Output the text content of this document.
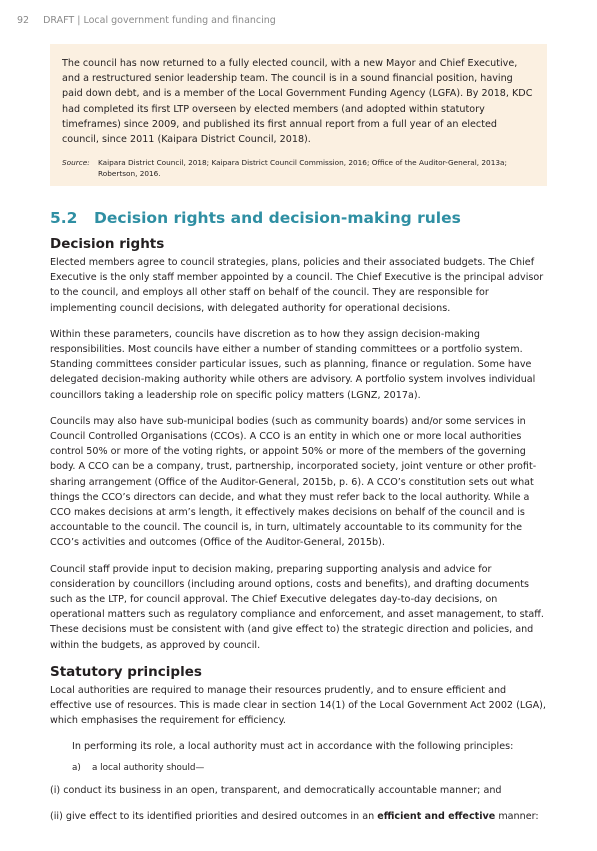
92 DRAFT | Local government funding and financing

The council has now returned to a fully elected council, with a new Mayor and Chief Executive, and a restructured senior leadership team. The council is in a sound financial position, having paid down debt, and is a member of the Local Government Funding Agency (LGFA). By 2018, KDC had completed its first LTP overseen by elected members (and adopted within statutory timeframes) since 2009, and published its first annual report from a full year of an elected council, since 2011 (Kaipara District Council, 2018).

Source: Kaipara District Council, 2018; Kaipara District Council Commission, 2016; Office of the Auditor-General, 2013a; Robertson, 2016.
5.2 Decision rights and decision-making rules
Decision rights

Elected members agree to council strategies, plans, policies and their associated budgets. The Chief Executive is the only staff member appointed by a council. The Chief Executive is the principal advisor to the council, and employs all other staff on behalf of the council. They are responsible for implementing council decisions, with delegated authority for operational decisions.

Within these parameters, councils have discretion as to how they assign decision-making responsibilities. Most councils have either a number of standing committees or a portfolio system. Standing committees consider particular issues, such as planning, finance or regulation. Some have delegated decision-making authority while others are advisory. A portfolio system involves individual councillors taking a leadership role on specific policy matters (LGNZ, 2017a).

Councils may also have sub-municipal bodies (such as community boards) and/or some services in Council Controlled Organisations (CCOs). A CCO is an entity in which one or more local authorities control 50% or more of the voting rights, or appoint 50% or more of the members of the governing body. A CCO can be a company, trust, partnership, incorporated society, joint venture or other profit-sharing arrangement (Office of the Auditor-General, 2015b, p. 6). A CCO’s constitution sets out what things the CCO’s directors can decide, and what they must refer back to the local authority. While a CCO makes decisions at arm’s length, it effectively makes decisions on behalf of the council and is accountable to the council. The council is, in turn, ultimately accountable to its community for the CCO’s activities and outcomes (Office of the Auditor-General, 2015b).

Council staff provide input to decision making, preparing supporting analysis and advice for consideration by councillors (including around options, costs and benefits), and drafting documents such as the LTP, for council approval. The Chief Executive delegates day-to-day decisions, on operational matters such as regulatory compliance and enforcement, and asset management, to staff. These decisions must be consistent with (and give effect to) the strategic direction and policies, and within the budgets, as approved by council.

Statutory principles

Local authorities are required to manage their resources prudently, and to ensure efficient and effective use of resources. This is made clear in section 14(1) of the Local Government Act 2002 (LGA), which emphasises the requirement for efficiency.

In performing its role, a local authority must act in accordance with the following principles:

a) a local authority should—

(i) conduct its business in an open, transparent, and democratically accountable manner; and

(ii) give effect to its identified priorities and desired outcomes in an efficient and effective manner:
